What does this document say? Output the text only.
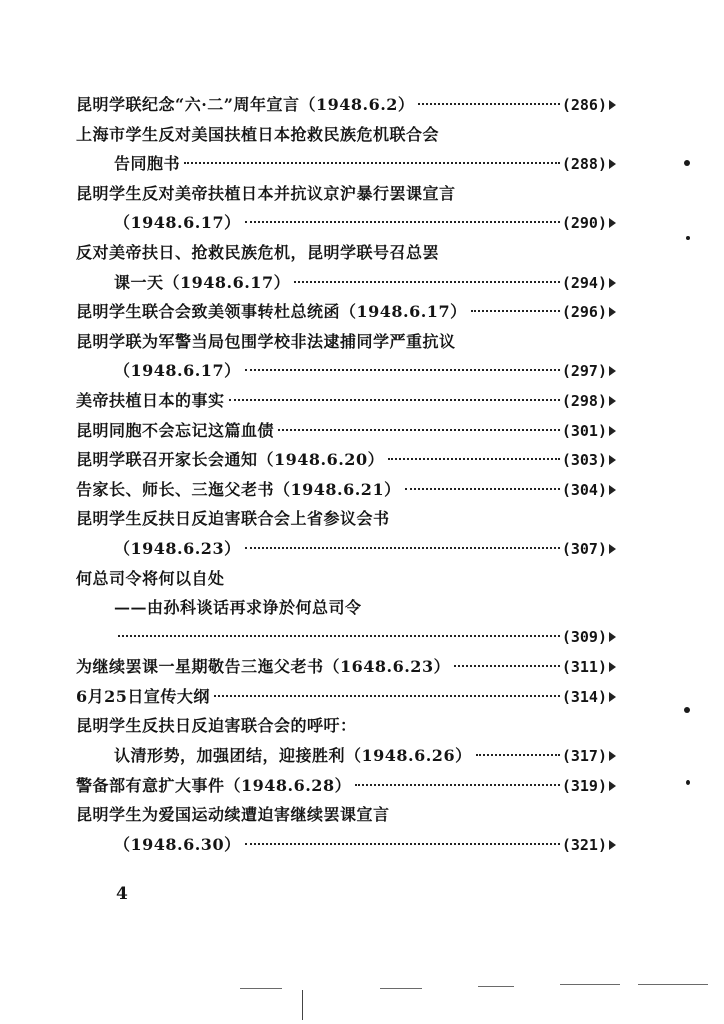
昆明学联纪念“六·二”周年宣言（1948.6.2）	(286)
上海市学生反对美国扶植日本抢救民族危机联合会
告同胞书	(288)
昆明学生反对美帝扶植日本并抗议京沪暴行罢课宣言
（1948.6.17）	(290)
反对美帝扶日、抢救民族危机，昆明学联号召总罢
课一天（1948.6.17）	(294)
昆明学生联合会致美领事转杜总统函（1948.6.17）	(296)
昆明学联为军警当局包围学校非法逮捕同学严重抗议
（1948.6.17）	(297)
美帝扶植日本的事实	(298)
昆明同胞不会忘记这篇血债	(301)
昆明学联召开家长会通知（1948.6.20）	(303)
告家长、师长、三迤父老书（1948.6.21）	(304)
昆明学生反扶日反迫害联合会上省参议会书
（1948.6.23）	(307)
何总司令将何以自处
——由孙科谈话再求诤於何总司令
(309)
为继续罢课一星期敬告三迤父老书（1648.6.23）	(311)
6月25日宣传大纲	(314)
昆明学生反扶日反迫害联合会的呼吁：
认清形势，加强团结，迎接胜利（1948.6.26）	(317)
警备部有意扩大事件（1948.6.28）	(319)
昆明学生为爱国运动续遭迫害继续罢课宣言
（1948.6.30）	(321)
4
